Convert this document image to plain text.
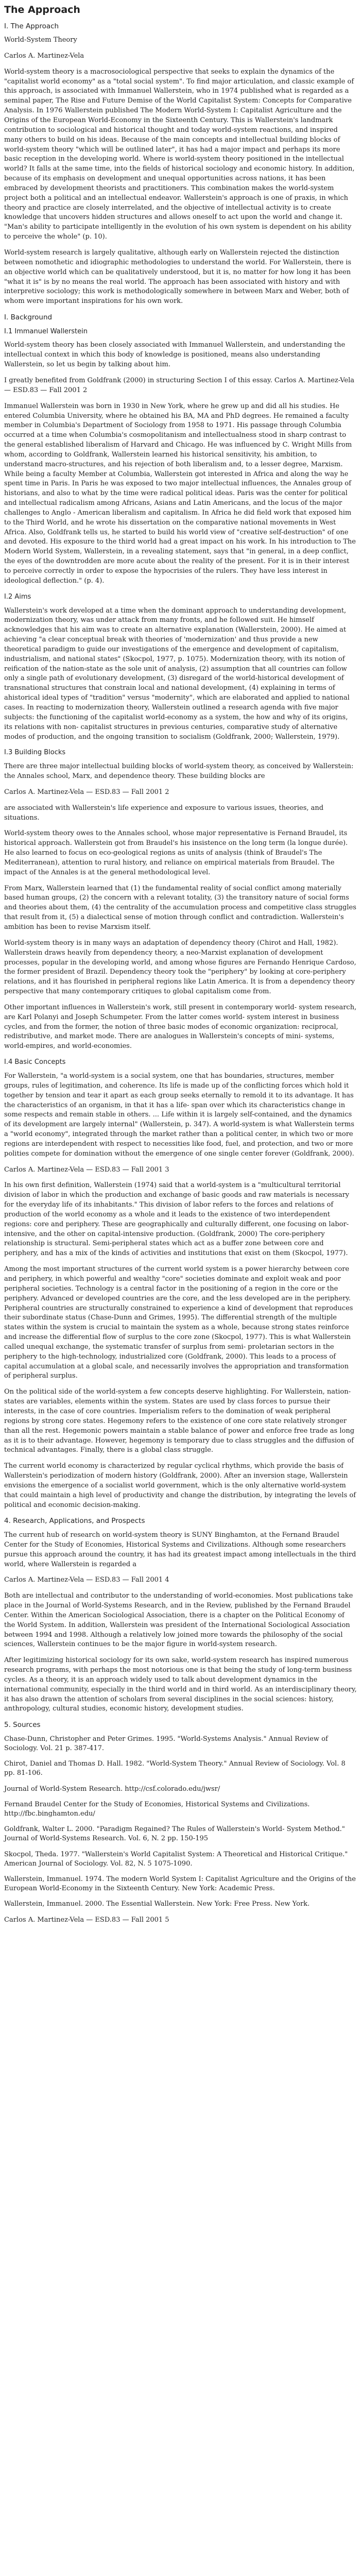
The Approach
I. The Approach

World-System Theory

Carlos A. Martinez-Vela

World-system theory is a macrosociological perspective that seeks to explain the dynamics of the "capitalist world economy" as a "total social system". To find major articulation, and classic example of this approach, is associated with Immanuel Wallerstein, who in 1974 published what is regarded as a seminal paper, The Rise and Future Demise of the World Capitalist System: Concepts for Comparative Analysis. In 1976 Wallerstein published The Modern World-System I: Capitalist Agriculture and the Origins of the European World-Economy in the Sixteenth Century. This is Wallerstein's landmark contribution to sociological and historical thought and today world-system reactions, and inspired many others to build on his ideas. Because of the main concepts and intellectual building blocks of world-system theory "which will be outlined later", it has had a major impact and perhaps its more basic reception in the developing world. Where is world-system theory positioned in the intellectual world? It falls at the same time, into the fields of historical sociology and economic history. In addition, because of its emphasis on development and unequal opportunities across nations, it has been embraced by development theorists and practitioners. This combination makes the world-system project both a political and an intellectual endeavor. Wallerstein's approach is one of praxis, in which theory and practice are closely interrelated, and the objective of intellectual activity is to create knowledge that uncovers hidden structures and allows oneself to act upon the world and change it. "Man's ability to participate intelligently in the evolution of his own system is dependent on his ability to perceive the whole" (p. 10).

World-system research is largely qualitative, although early on Wallerstein rejected the distinction between nomothetic and idiographic methodologies to understand the world. For Wallerstein, there is an objective world which can be qualitatively understood, but it is, no matter for how long it has been "what it is" is by no means the real world. The approach has been associated with history and with interpretive sociology; this work is methodologically somewhere in between Marx and Weber, both of whom were important inspirations for his own work.

I. Background
I.1 Immanuel Wallerstein

World-system theory has been closely associated with Immanuel Wallerstein, and understanding the intellectual context in which this body of knowledge is positioned, means also understanding Wallerstein, so let us begin by talking about him.

I greatly benefited from Goldfrank (2000) in structuring Section I of this essay. Carlos A. Martinez-Vela — ESD.83 — Fall 2001 2

Immanuel Wallerstein was born in 1930 in New York, where he grew up and did all his studies. He entered Columbia University, where he obtained his BA, MA and PhD degrees. He remained a faculty member in Columbia's Department of Sociology from 1958 to 1971. His passage through Columbia occurred at a time when Columbia's cosmopolitanism and intellectualness stood in sharp contrast to the general established liberalism of Harvard and Chicago. He was influenced by C. Wright Mills from whom, according to Goldfrank, Wallerstein learned his historical sensitivity, his ambition, to understand macro-structures, and his rejection of both liberalism and, to a lesser degree, Marxism. While being a faculty Member at Columbia, Wallerstein got interested in Africa and along the way he spent time in Paris. In Paris he was exposed to two major intellectual influences, the Annales group of historians, and also to what by the time were radical political ideas. Paris was the center for political and intellectual radicalism among Africans, Asians and Latin Americans, and the locus of the major challenges to Anglo - American liberalism and capitalism. In Africa he did field work that exposed him to the Third World, and he wrote his dissertation on the comparative national movements in West Africa. Also, Goldfrank tells us, he started to build his world view of "creative self-destruction" of one and devoted. His exposure to the third world had a great impact on his work. In his introduction to The Modern World System, Wallerstein, in a revealing statement, says that "in general, in a deep conflict, the eyes of the downtrodden are more acute about the reality of the present. For it is in their interest to perceive correctly in order to expose the hypocrisies of the rulers. They have less interest in ideological deflection." (p. 4).

I.2 Aims

Wallerstein's work developed at a time when the dominant approach to understanding development, modernization theory, was under attack from many fronts, and he followed suit. He himself acknowledges that his aim was to create an alternative explanation (Wallerstein, 2000). He aimed at achieving "a clear conceptual break with theories of 'modernization' and thus provide a new theoretical paradigm to guide our investigations of the emergence and development of capitalism, industrialism, and national states" (Skocpol, 1977, p. 1075). Modernization theory, with its notion of reification of the nation-state as the sole unit of analysis, (2) assumption that all countries can follow only a single path of evolutionary development, (3) disregard of the world-historical development of transnational structures that constrain local and national development, (4) explaining in terms of ahistorical ideal types of "tradition" versus "modernity", which are elaborated and applied to national cases. In reacting to modernization theory, Wallerstein outlined a research agenda with five major subjects: the functioning of the capitalist world-economy as a system, the how and why of its origins, its relations with non- capitalist structures in previous centuries, comparative study of alternative modes of production, and the ongoing transition to socialism (Goldfrank, 2000; Wallerstein, 1979).

I.3 Building Blocks

There are three major intellectual building blocks of world-system theory, as conceived by Wallerstein: the Annales school, Marx, and dependence theory. These building blocks are

Carlos A. Martinez-Vela — ESD.83 — Fall 2001 2

are associated with Wallerstein's life experience and exposure to various issues, theories, and situations.

World-system theory owes to the Annales school, whose major representative is Fernand Braudel, its historical approach. Wallerstein got from Braudel's his insistence on the long term (la longue durée). He also learned to focus on eco-geological regions as units of analysis (think of Braudel's The Mediterranean), attention to rural history, and reliance on empirical materials from Braudel. The impact of the Annales is at the general methodological level.

From Marx, Wallerstein learned that (1) the fundamental reality of social conflict among materially based human groups, (2) the concern with a relevant totality, (3) the transitory nature of social forms and theories about them, (4) the centrality of the accumulation process and competitive class struggles that result from it, (5) a dialectical sense of motion through conflict and contradiction. Wallerstein's ambition has been to revise Marxism itself.

World-system theory is in many ways an adaptation of dependency theory (Chirot and Hall, 1982). Wallerstein draws heavily from dependency theory, a neo-Marxist explanation of development processes, popular in the developing world, and among whose figures are Fernando Henrique Cardoso, the former president of Brazil. Dependency theory took the "periphery" by looking at core-periphery relations, and it has flourished in peripheral regions like Latin America. It is from a dependency theory perspective that many contemporary critiques to global capitalism come from.

Other important influences in Wallerstein's work, still present in contemporary world- system research, are Karl Polanyi and Joseph Schumpeter. From the latter comes world- system interest in business cycles, and from the former, the notion of three basic modes of economic organization: reciprocal, redistributive, and market mode. There are analogues in Wallerstein's concepts of mini- systems, world-empires, and world-economies.

I.4 Basic Concepts

For Wallerstein, "a world-system is a social system, one that has boundaries, structures, member groups, rules of legitimation, and coherence. Its life is made up of the conflicting forces which hold it together by tension and tear it apart as each group seeks eternally to remold it to its advantage. It has the characteristics of an organism, in that it has a life- span over which its characteristics change in some respects and remain stable in others. ... Life within it is largely self-contained, and the dynamics of its development are largely internal" (Wallerstein, p. 347). A world-system is what Wallerstein terms a "world economy", integrated through the market rather than a political center, in which two or more regions are interdependent with respect to necessities like food, fuel, and protection, and two or more polities compete for domination without the emergence of one single center forever (Goldfrank, 2000).

Carlos A. Martinez-Vela — ESD.83 — Fall 2001 3

In his own first definition, Wallerstein (1974) said that a world-system is a "multicultural territorial division of labor in which the production and exchange of basic goods and raw materials is necessary for the everyday life of its inhabitants." This division of labor refers to the forces and relations of production of the world economy as a whole and it leads to the existence of two interdependent regions: core and periphery. These are geographically and culturally different, one focusing on labor-intensive, and the other on capital-intensive production. (Goldfrank, 2000) The core-periphery relationship is structural. Semi-peripheral states which act as a buffer zone between core and periphery, and has a mix of the kinds of activities and institutions that exist on them (Skocpol, 1977).

Among the most important structures of the current world system is a power hierarchy between core and periphery, in which powerful and wealthy "core" societies dominate and exploit weak and poor peripheral societies. Technology is a central factor in the positioning of a region in the core or the periphery. Advanced or developed countries are the core, and the less developed are in the periphery. Peripheral countries are structurally constrained to experience a kind of development that reproduces their subordinate status (Chase-Dunn and Grimes, 1995). The differential strength of the multiple states within the system is crucial to maintain the system as a whole, because strong states reinforce and increase the differential flow of surplus to the core zone (Skocpol, 1977). This is what Wallerstein called unequal exchange, the systematic transfer of surplus from semi- proletarian sectors in the periphery to the high-technology, industrialized core (Goldfrank, 2000). This leads to a process of capital accumulation at a global scale, and necessarily involves the appropriation and transformation of peripheral surplus.

On the political side of the world-system a few concepts deserve highlighting. For Wallerstein, nation-states are variables, elements within the system. States are used by class forces to pursue their interests, in the case of core countries. Imperialism refers to the domination of weak peripheral regions by strong core states. Hegemony refers to the existence of one core state relatively stronger than all the rest. Hegemonic powers maintain a stable balance of power and enforce free trade as long as it is to their advantage. However, hegemony is temporary due to class struggles and the diffusion of technical advantages. Finally, there is a global class struggle.

The current world economy is characterized by regular cyclical rhythms, which provide the basis of Wallerstein's periodization of modern history (Goldfrank, 2000). After an inversion stage, Wallerstein envisions the emergence of a socialist world government, which is the only alternative world-system that could maintain a high level of productivity and change the distribution, by integrating the levels of political and economic decision-making.

4. Research, Applications, and Prospects

The current hub of research on world-system theory is SUNY Binghamton, at the Fernand Braudel Center for the Study of Economies, Historical Systems and Civilizations. Although some researchers pursue this approach around the country, it has had its greatest impact among intellectuals in the third world, where Wallerstein is regarded a

Carlos A. Martinez-Vela — ESD.83 — Fall 2001 4

Both are intellectual and contributor to the understanding of world-economies. Most publications take place in the Journal of World-Systems Research, and in the Review, published by the Fernand Braudel Center. Within the American Sociological Association, there is a chapter on the Political Economy of the World System. In addition, Wallerstein was president of the International Sociological Association between 1994 and 1998. Although a relatively low joined more towards the philosophy of the social sciences, Wallerstein continues to be the major figure in world-system research.

After legitimizing historical sociology for its own sake, world-system research has inspired numerous research programs, with perhaps the most notorious one is that being the study of long-term business cycles. As a theory, it is an approach widely used to talk about development dynamics in the international community, especially in the third world and in third world. As an interdisciplinary theory, it has also drawn the attention of scholars from several disciplines in the social sciences: history, anthropology, cultural studies, economic history, development studies.

5. Sources

Chase-Dunn, Christopher and Peter Grimes. 1995. "World-Systems Analysis." Annual Review of Sociology. Vol. 21 p. 387-417.

Chirot, Daniel and Thomas D. Hall. 1982. "World-System Theory." Annual Review of Sociology. Vol. 8 pp. 81-106.

Journal of World-System Research. http://csf.colorado.edu/jwsr/

Fernand Braudel Center for the Study of Economies, Historical Systems and Civilizations. http://fbc.binghamton.edu/

Goldfrank, Walter L. 2000. "Paradigm Regained? The Rules of Wallerstein's World- System Method." Journal of World-Systems Research. Vol. 6, N. 2 pp. 150-195

Skocpol, Theda. 1977. "Wallerstein's World Capitalist System: A Theoretical and Historical Critique." American Journal of Sociology. Vol. 82, N. 5 1075-1090.

Wallerstein, Immanuel. 1974. The modern World System I: Capitalist Agriculture and the Origins of the European World-Economy in the Sixteenth Century. New York: Academic Press.

Wallerstein, Immanuel. 2000. The Essential Wallerstein. New York: Free Press. New York.

Carlos A. Martinez-Vela — ESD.83 — Fall 2001 5
